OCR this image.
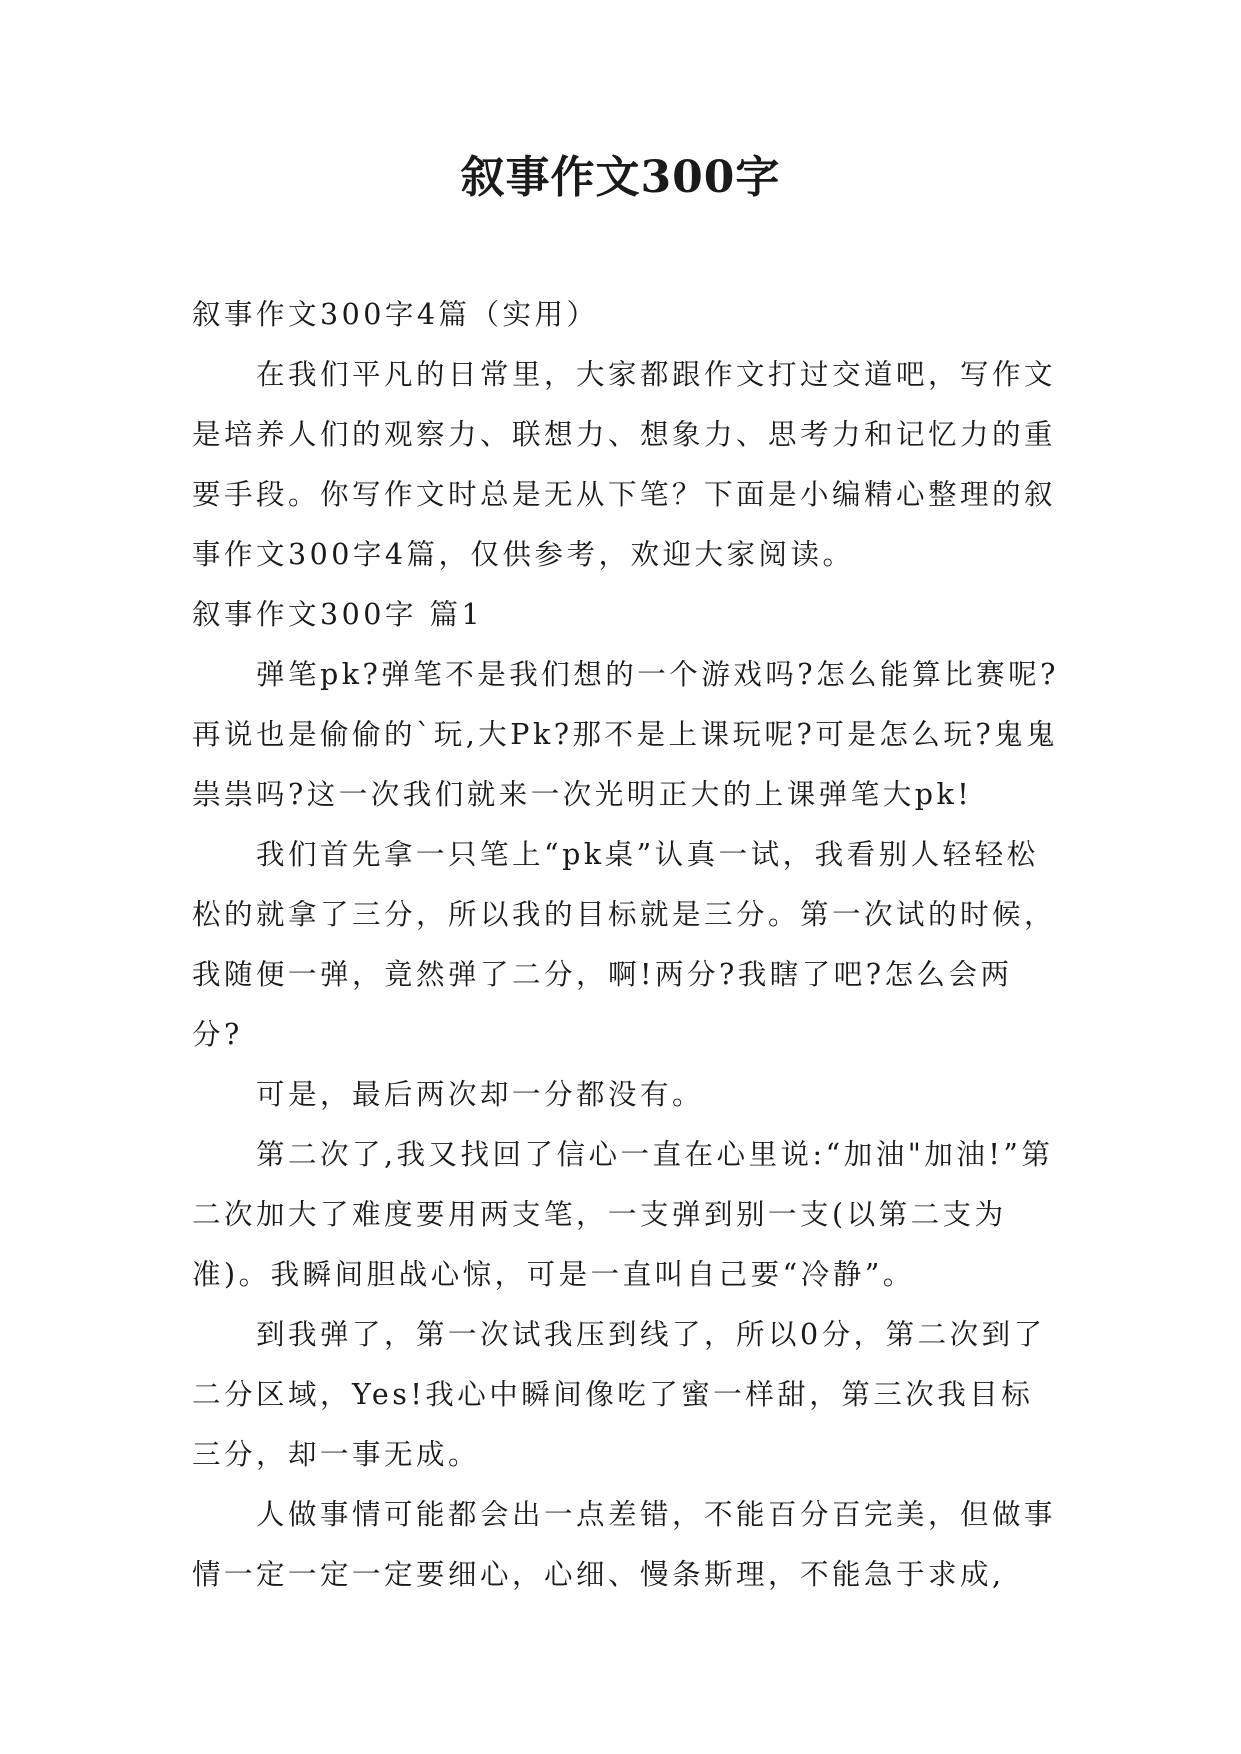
叙事作文300字

叙事作文300字4篇（实用）

在我们平凡的日常里，大家都跟作文打过交道吧，写作文是培养人们的观察力、联想力、想象力、思考力和记忆力的重要手段。你写作文时总是无从下笔？下面是小编精心整理的叙事作文300字4篇，仅供参考，欢迎大家阅读。

叙事作文300字 篇1

弹笔pk?弹笔不是我们想的一个游戏吗?怎么能算比赛呢?再说也是偷偷的`玩,大Pk?那不是上课玩呢?可是怎么玩?鬼鬼祟祟吗?这一次我们就来一次光明正大的上课弹笔大pk!

我们首先拿一只笔上“pk桌”认真一试，我看别人轻轻松松的就拿了三分，所以我的目标就是三分。第一次试的时候，我随便一弹，竟然弹了二分，啊!两分?我瞎了吧?怎么会两分?

可是，最后两次却一分都没有。

第二次了,我又找回了信心一直在心里说:“加油"加油!”第二次加大了难度要用两支笔，一支弹到别一支(以第二支为准)。我瞬间胆战心惊，可是一直叫自己要“冷静”。

到我弹了，第一次试我压到线了，所以0分，第二次到了二分区域，Yes!我心中瞬间像吃了蜜一样甜，第三次我目标三分，却一事无成。

人做事情可能都会出一点差错，不能百分百完美，但做事情一定一定一定要细心，心细、慢条斯理，不能急于求成,
